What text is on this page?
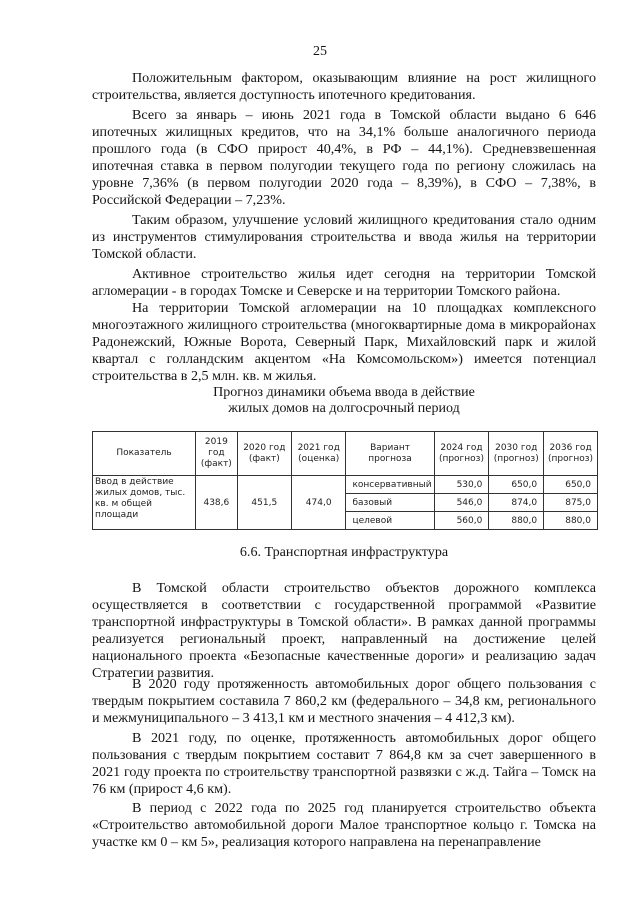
25

Положительным фактором, оказывающим влияние на рост жилищного строительства, является доступность ипотечного кредитования.

Всего за январь – июнь 2021 года в Томской области выдано 6 646 ипотечных жилищных кредитов, что на 34,1% больше аналогичного периода прошлого года (в СФО прирост 40,4%, в РФ – 44,1%). Средневзвешенная ипотечная ставка в первом полугодии текущего года по региону сложилась на уровне 7,36% (в первом полугодии 2020 года – 8,39%), в СФО – 7,38%, в Российской Федерации – 7,23%.

Таким образом, улучшение условий жилищного кредитования стало одним из инструментов стимулирования строительства и ввода жилья на территории Томской области.

Активное строительство жилья идет сегодня на территории Томской агломерации - в городах Томске и Северске и на территории Томского района.

На территории Томской агломерации на 10 площадках комплексного многоэтажного жилищного строительства (многоквартирные дома в микрорайонах Радонежский, Южные Ворота, Северный Парк, Михайловский парк и жилой квартал с голландским акцентом «На Комсомольском») имеется потенциал строительства в 2,5 млн. кв. м жилья.

Прогноз динамики объема ввода в действие

жилых домов на долгосрочный период

Показатель	2019 год (факт)	2020 год (факт)	2021 год (оценка)	Вариант прогноза	2024 год (прогноз)	2030 год (прогноз)	2036 год (прогноз)
Ввод в действие жилых домов, тыс. кв. м общей площади	438,6	451,5	474,0	консервативный	530,0	650,0	650,0
				базовый	546,0	874,0	875,0
				целевой	560,0	880,0	880,0

6.6. Транспортная инфраструктура

В Томской области строительство объектов дорожного комплекса осуществляется в соответствии с государственной программой «Развитие транспортной инфраструктуры в Томской области». В рамках данной программы реализуется региональный проект, направленный на достижение целей национального проекта «Безопасные качественные дороги» и реализацию задач Стратегии развития.

В 2020 году протяженность автомобильных дорог общего пользования с твердым покрытием составила 7 860,2 км (федерального – 34,8 км, регионального и межмуниципального – 3 413,1 км и местного значения – 4 412,3 км).

В 2021 году, по оценке, протяженность автомобильных дорог общего пользования с твердым покрытием составит 7 864,8 км за счет завершенного в 2021 году проекта по строительству транспортной развязки с ж.д. Тайга – Томск на 76 км (прирост 4,6 км).

В период с 2022 года по 2025 год планируется строительство объекта «Строительство автомобильной дороги Малое транспортное кольцо г. Томска на участке км 0 – км 5», реализация которого направлена на перенаправление
